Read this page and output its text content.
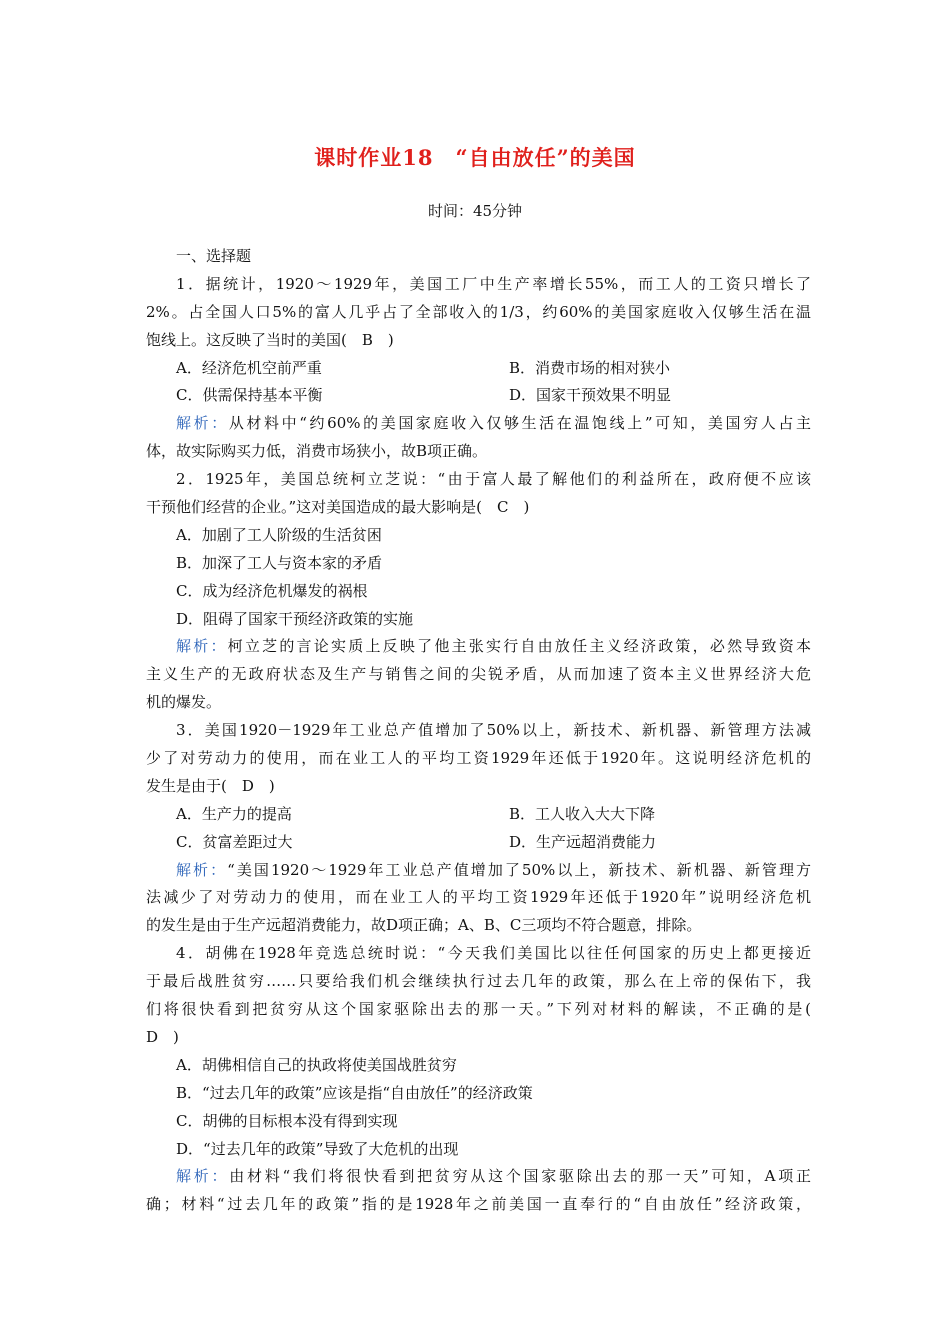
课时作业18　“自由放任”的美国
时间：45分钟
一、选择题
1．据统计，1920～1929年，美国工厂中生产率增长55%，而工人的工资只增长了
2%。占全国人口5%的富人几乎占了全部收入的1/3，约60%的美国家庭收入仅够生活在温
饱线上。这反映了当时的美国(　B　)
A．经济危机空前严重	B．消费市场的相对狭小
C．供需保持基本平衡	D．国家干预效果不明显
解析：从材料中“约60%的美国家庭收入仅够生活在温饱线上”可知，美国穷人占主
体，故实际购买力低，消费市场狭小，故B项正确。
2．1925年，美国总统柯立芝说：“由于富人最了解他们的利益所在，政府便不应该
干预他们经营的企业。”这对美国造成的最大影响是(　C　)
A．加剧了工人阶级的生活贫困
B．加深了工人与资本家的矛盾
C．成为经济危机爆发的祸根
D．阻碍了国家干预经济政策的实施
解析：柯立芝的言论实质上反映了他主张实行自由放任主义经济政策，必然导致资本
主义生产的无政府状态及生产与销售之间的尖锐矛盾，从而加速了资本主义世界经济大危
机的爆发。
3．美国1920－1929年工业总产值增加了50%以上，新技术、新机器、新管理方法减
少了对劳动力的使用，而在业工人的平均工资1929年还低于1920年。这说明经济危机的
发生是由于(　D　)
A．生产力的提高	B．工人收入大大下降
C．贫富差距过大	D．生产远超消费能力
解析：“美国1920～1929年工业总产值增加了50%以上，新技术、新机器、新管理方
法减少了对劳动力的使用，而在业工人的平均工资1929年还低于1920年”说明经济危机
的发生是由于生产远超消费能力，故D项正确；A、B、C三项均不符合题意，排除。
4．胡佛在1928年竞选总统时说：“今天我们美国比以往任何国家的历史上都更接近
于最后战胜贫穷……只要给我们机会继续执行过去几年的政策，那么在上帝的保佑下，我
们将很快看到把贫穷从这个国家驱除出去的那一天。”下列对材料的解读，不正确的是(
D　)
A．胡佛相信自己的执政将使美国战胜贫穷
B．“过去几年的政策”应该是指“自由放任”的经济政策
C．胡佛的目标根本没有得到实现
D．“过去几年的政策”导致了大危机的出现
解析：由材料“我们将很快看到把贫穷从这个国家驱除出去的那一天”可知，A项正
确；材料“过去几年的政策”指的是1928年之前美国一直奉行的“自由放任”经济政策，
